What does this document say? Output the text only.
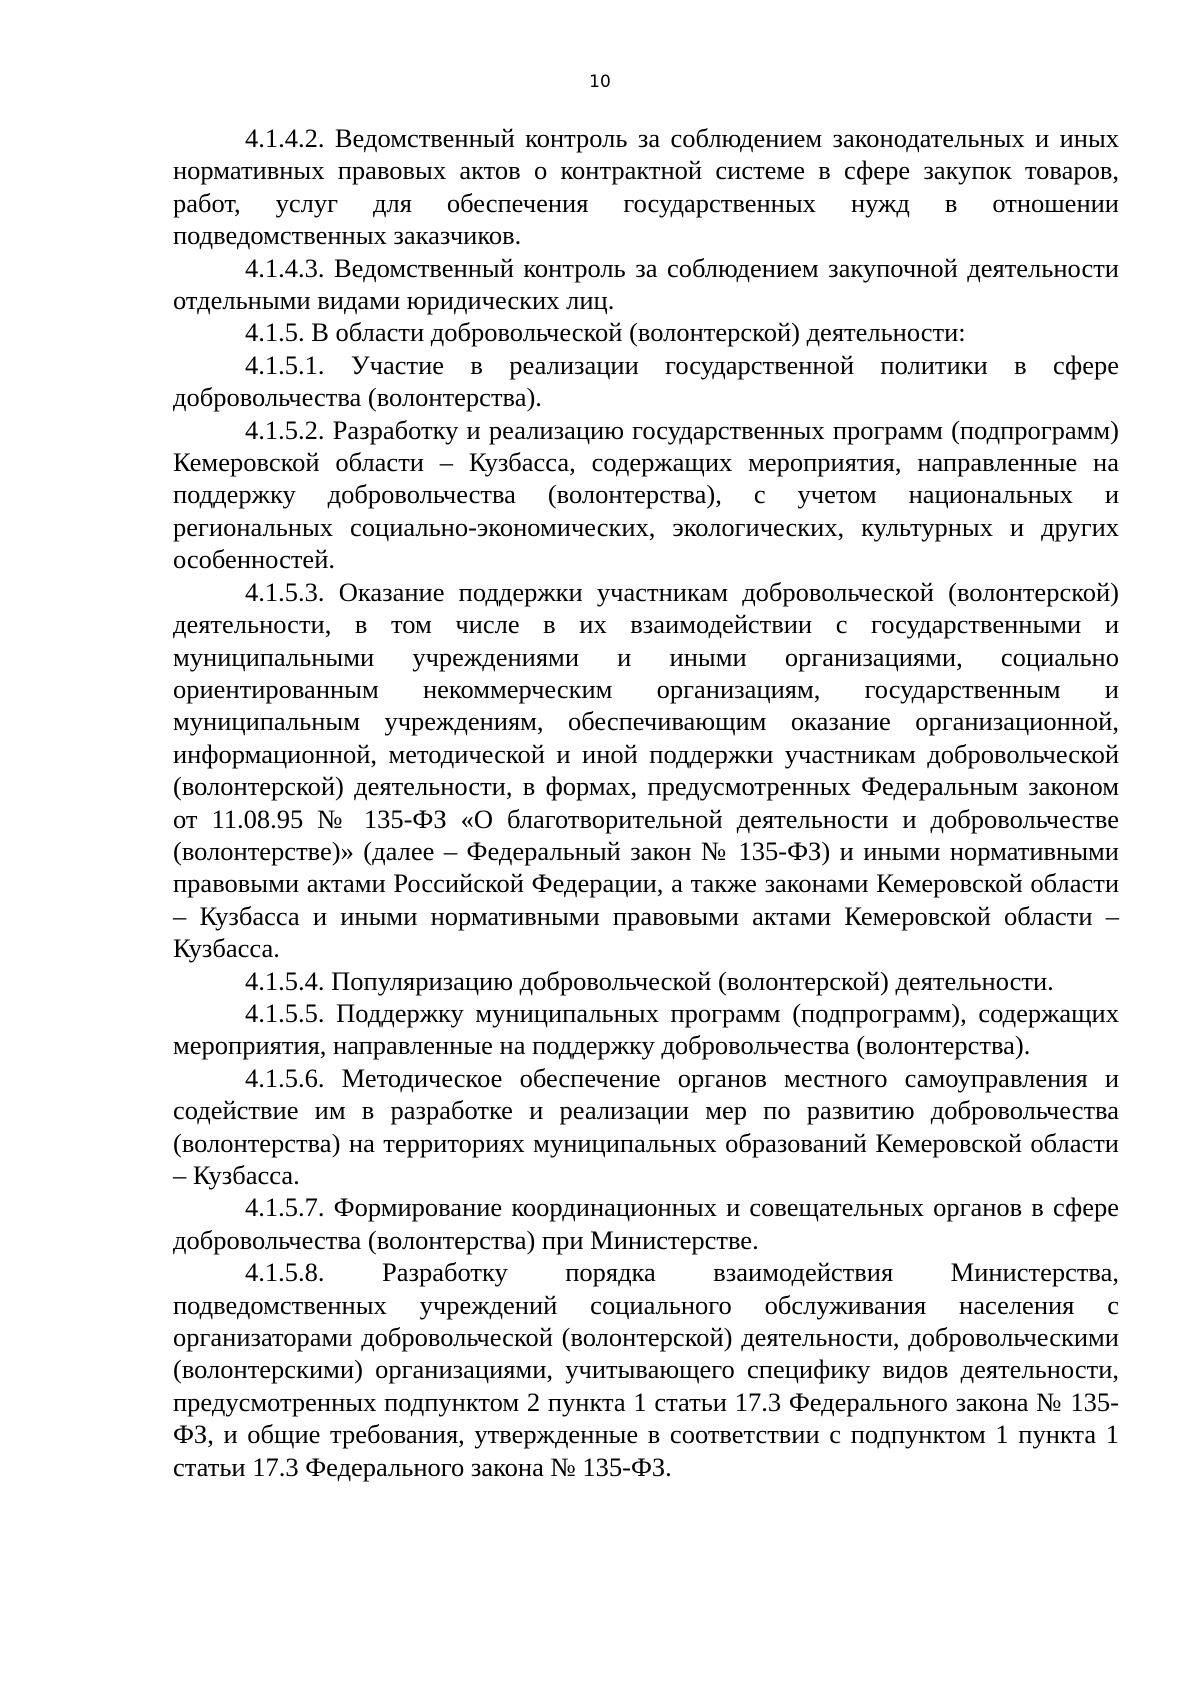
10

4.1.4.2. Ведомственный контроль за соблюдением законодательных и иных нормативных правовых актов о контрактной системе в сфере закупок товаров, работ, услуг для обеспечения государственных нужд в отношении подведомственных заказчиков.

4.1.4.3. Ведомственный контроль за соблюдением закупочной деятельности отдельными видами юридических лиц.

4.1.5. В области добровольческой (волонтерской) деятельности:

4.1.5.1. Участие в реализации государственной политики в сфере добровольчества (волонтерства).

4.1.5.2. Разработку и реализацию государственных программ (подпрограмм) Кемеровской области – Кузбасса, содержащих мероприятия, направленные на поддержку добровольчества (волонтерства), с учетом национальных и региональных социально-экономических, экологических, культурных и других особенностей.

4.1.5.3. Оказание поддержки участникам добровольческой (волонтерской) деятельности, в том числе в их взаимодействии с государственными и муниципальными учреждениями и иными организациями, социально ориентированным некоммерческим организациям, государственным и муниципальным учреждениям, обеспечивающим оказание организационной, информационной, методической и иной поддержки участникам добровольческой (волонтерской) деятельности, в формах, предусмотренных Федеральным законом от 11.08.95 № 135-ФЗ «О благотворительной деятельности и добровольчестве (волонтерстве)» (далее – Федеральный закон № 135-ФЗ) и иными нормативными правовыми актами Российской Федерации, а также законами Кемеровской области – Кузбасса и иными нормативными правовыми актами Кемеровской области – Кузбасса.

4.1.5.4. Популяризацию добровольческой (волонтерской) деятельности.

4.1.5.5. Поддержку муниципальных программ (подпрограмм), содержащих мероприятия, направленные на поддержку добровольчества (волонтерства).

4.1.5.6. Методическое обеспечение органов местного самоуправления и содействие им в разработке и реализации мер по развитию добровольчества (волонтерства) на территориях муниципальных образований Кемеровской области – Кузбасса.

4.1.5.7. Формирование координационных и совещательных органов в сфере добровольчества (волонтерства) при Министерстве.

4.1.5.8. Разработку порядка взаимодействия Министерства, подведомственных учреждений социального обслуживания населения с организаторами добровольческой (волонтерской) деятельности, добровольческими (волонтерскими) организациями, учитывающего специфику видов деятельности, предусмотренных подпунктом 2 пункта 1 статьи 17.3 Федерального закона № 135-ФЗ, и общие требования, утвержденные в соответствии с подпунктом 1 пункта 1 статьи 17.3 Федерального закона № 135-ФЗ.
